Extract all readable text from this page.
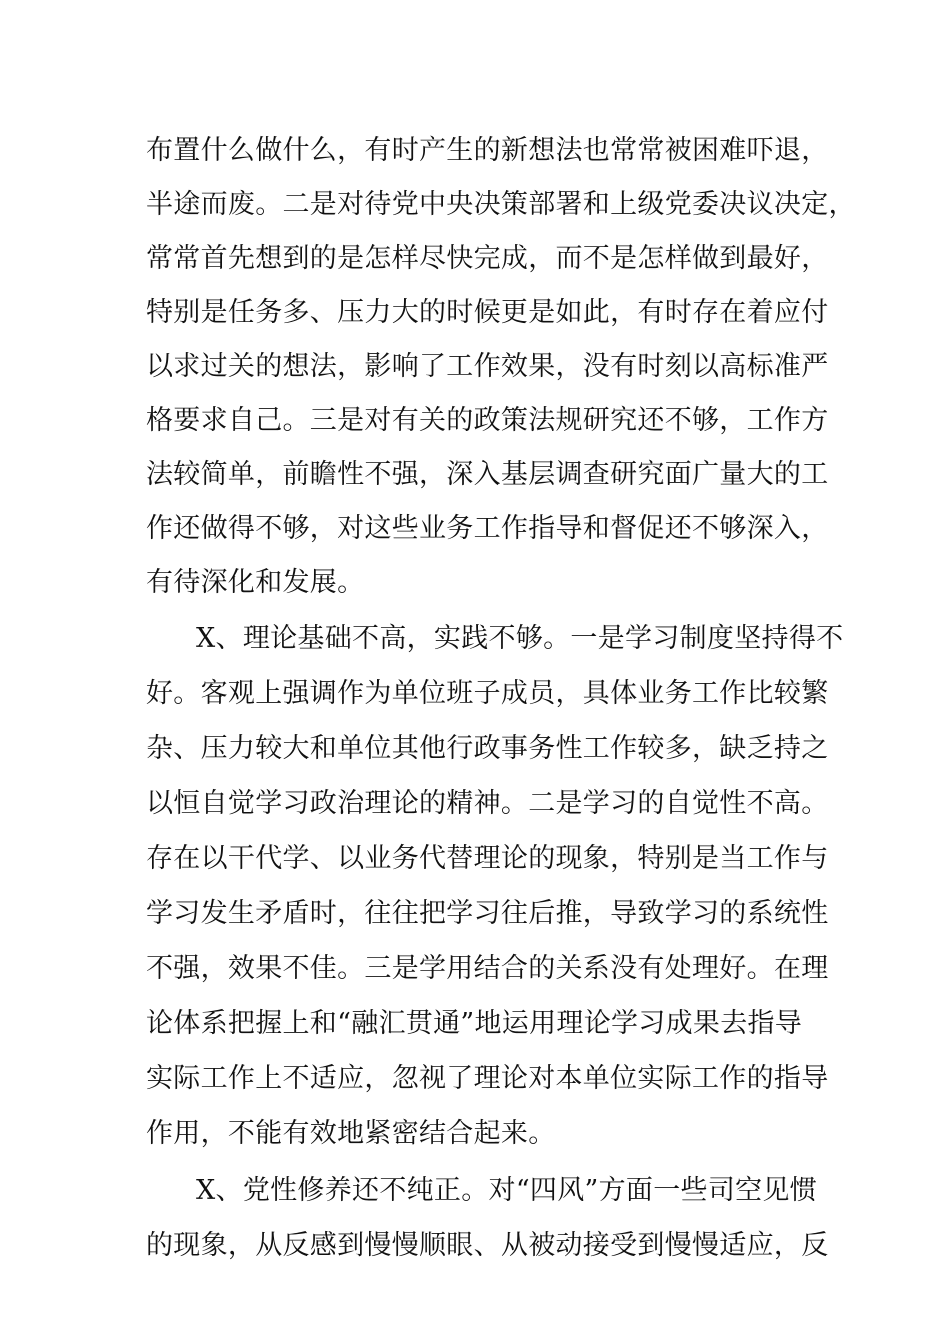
布置什么做什么，有时产生的新想法也常常被困难吓退，

半途而废。二是对待党中央决策部署和上级党委决议决定，

常常首先想到的是怎样尽快完成，而不是怎样做到最好，

特别是任务多、压力大的时候更是如此，有时存在着应付

以求过关的想法，影响了工作效果，没有时刻以高标准严

格要求自己。三是对有关的政策法规研究还不够，工作方

法较简单，前瞻性不强，深入基层调查研究面广量大的工

作还做得不够，对这些业务工作指导和督促还不够深入，

有待深化和发展。

X、理论基础不高，实践不够。一是学习制度坚持得不

好。客观上强调作为单位班子成员，具体业务工作比较繁

杂、压力较大和单位其他行政事务性工作较多，缺乏持之

以恒自觉学习政治理论的精神。二是学习的自觉性不高。

存在以干代学、以业务代替理论的现象，特别是当工作与

学习发生矛盾时，往往把学习往后推，导致学习的系统性

不强，效果不佳。三是学用结合的关系没有处理好。在理

论体系把握上和“融汇贯通”地运用理论学习成果去指导

实际工作上不适应，忽视了理论对本单位实际工作的指导

作用，不能有效地紧密结合起来。

X、党性修养还不纯正。对“四风”方面一些司空见惯

的现象，从反感到慢慢顺眼、从被动接受到慢慢适应，反
